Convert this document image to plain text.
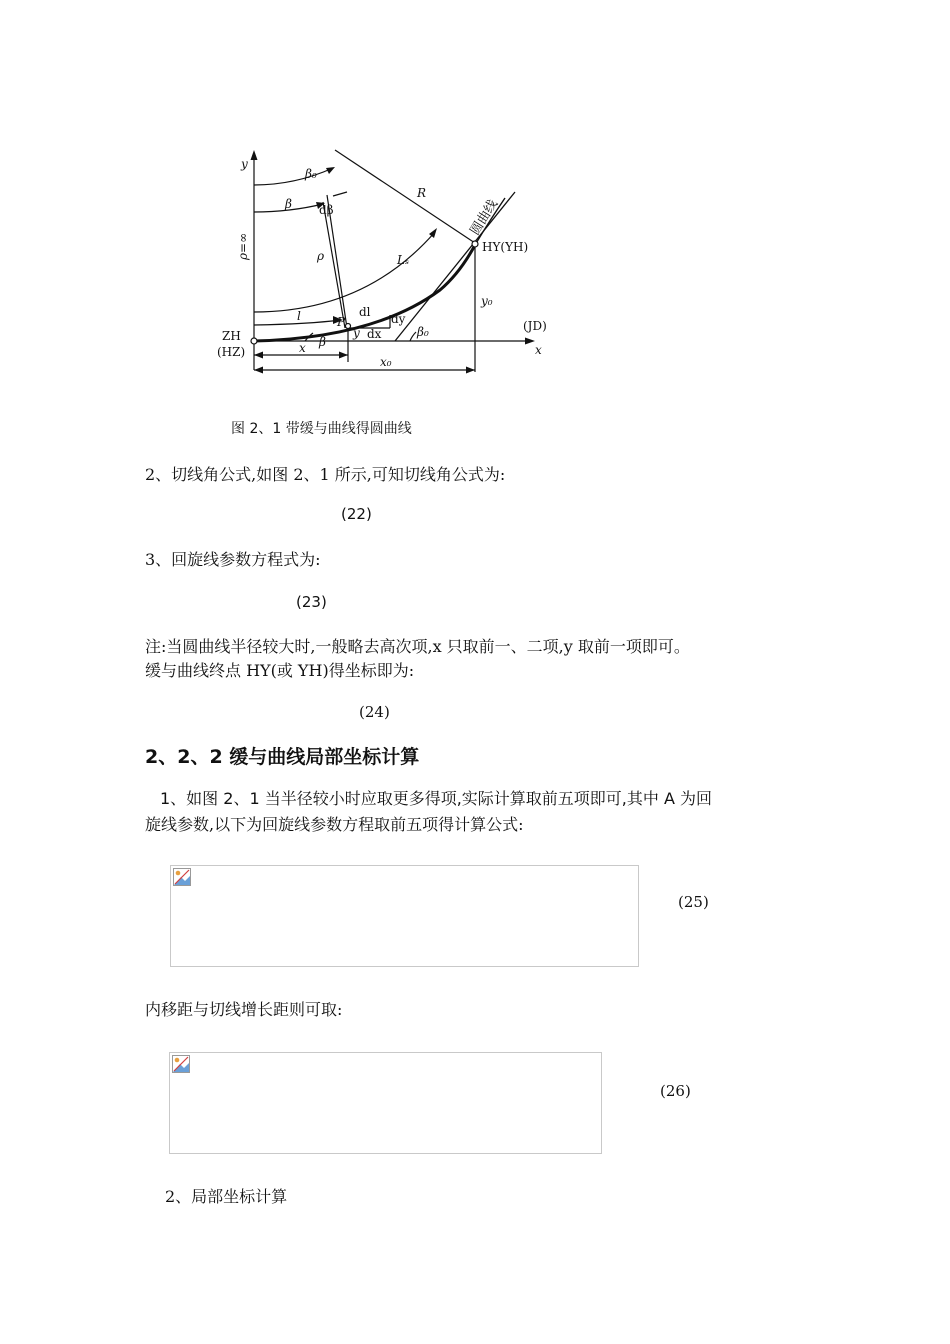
y
x
β₀
β dβ
R
ρ
ρ=∞	Lₛ
l	P
dl dy
dx
y
x β
β₀
x₀
y₀
(JD)
ZH
(HZ)
HY(YH)
圆曲线
图 2、1 带缓与曲线得圆曲线
2、切线角公式,如图 2、1 所示,可知切线角公式为:
(22)
3、回旋线参数方程式为:
(23)
注:当圆曲线半径较大时,一般略去高次项,x 只取前一、二项,y 取前一项即可。
缓与曲线终点 HY(或 YH)得坐标即为:
(24)
2、2、2 缓与曲线局部坐标计算
1、如图 2、1 当半径较小时应取更多得项,实际计算取前五项即可,其中 A 为回
旋线参数,以下为回旋线参数方程取前五项得计算公式:
(25)
内移距与切线增长距则可取:
(26)
2、局部坐标计算
